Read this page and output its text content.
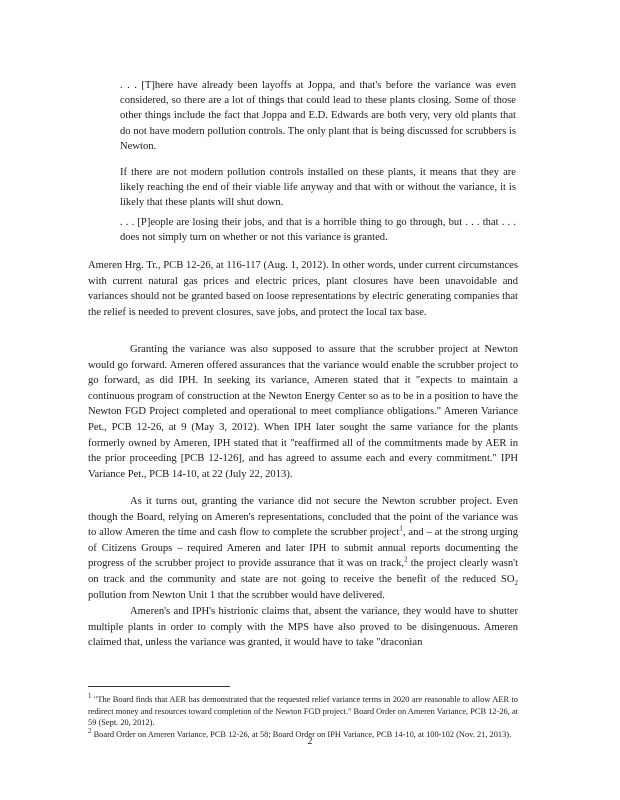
. . . [T]here have already been layoffs at Joppa, and that's before the variance was even considered, so there are a lot of things that could lead to these plants closing. Some of those other things include the fact that Joppa and E.D. Edwards are both very, very old plants that do not have modern pollution controls. The only plant that is being discussed for scrubbers is Newton.

If there are not modern pollution controls installed on these plants, it means that they are likely reaching the end of their viable life anyway and that with or without the variance, it is likely that these plants will shut down.

. . . [P]eople are losing their jobs, and that is a horrible thing to go through, but . . . that . . . does not simply turn on whether or not this variance is granted.

Ameren Hrg. Tr., PCB 12-26, at 116-117 (Aug. 1, 2012). In other words, under current circumstances with current natural gas prices and electric prices, plant closures have been unavoidable and variances should not be granted based on loose representations by electric generating companies that the relief is needed to prevent closures, save jobs, and protect the local tax base.

Granting the variance was also supposed to assure that the scrubber project at Newton would go forward. Ameren offered assurances that the variance would enable the scrubber project to go forward, as did IPH. In seeking its variance, Ameren stated that it "expects to maintain a continuous program of construction at the Newton Energy Center so as to be in a position to have the Newton FGD Project completed and operational to meet compliance obligations." Ameren Variance Pet., PCB 12-26, at 9 (May 3, 2012). When IPH later sought the same variance for the plants formerly owned by Ameren, IPH stated that it "reaffirmed all of the commitments made by AER in the prior proceeding [PCB 12-126], and has agreed to assume each and every commitment." IPH Variance Pet., PCB 14-10, at 22 (July 22, 2013).

As it turns out, granting the variance did not secure the Newton scrubber project. Even though the Board, relying on Ameren's representations, concluded that the point of the variance was to allow Ameren the time and cash flow to complete the scrubber project$^1$, and – at the strong urging of Citizens Groups – required Ameren and later IPH to submit annual reports documenting the progress of the scrubber project to provide assurance that it was on track,$^2$ the project clearly wasn't on track and the community and state are not going to receive the benefit of the reduced $SO_2$ pollution from Newton Unit 1 that the scrubber would have delivered.

Ameren's and IPH's histrionic claims that, absent the variance, they would have to shutter multiple plants in order to comply with the MPS have also proved to be disingenuous. Ameren claimed that, unless the variance was granted, it would have to take "draconian

$^1$ "The Board finds that AER has demonstrated that the requested relief variance terms in 2020 are reasonable to allow AER to redirect money and resources toward completion of the Newton FGD project." Board Order on Ameren Variance, PCB 12-26, at 59 (Sept. 20, 2012).

$^2$ Board Order on Ameren Variance, PCB 12-26, at 58; Board Order on IPH Variance, PCB 14-10, at 100-102 (Nov. 21, 2013).

2
